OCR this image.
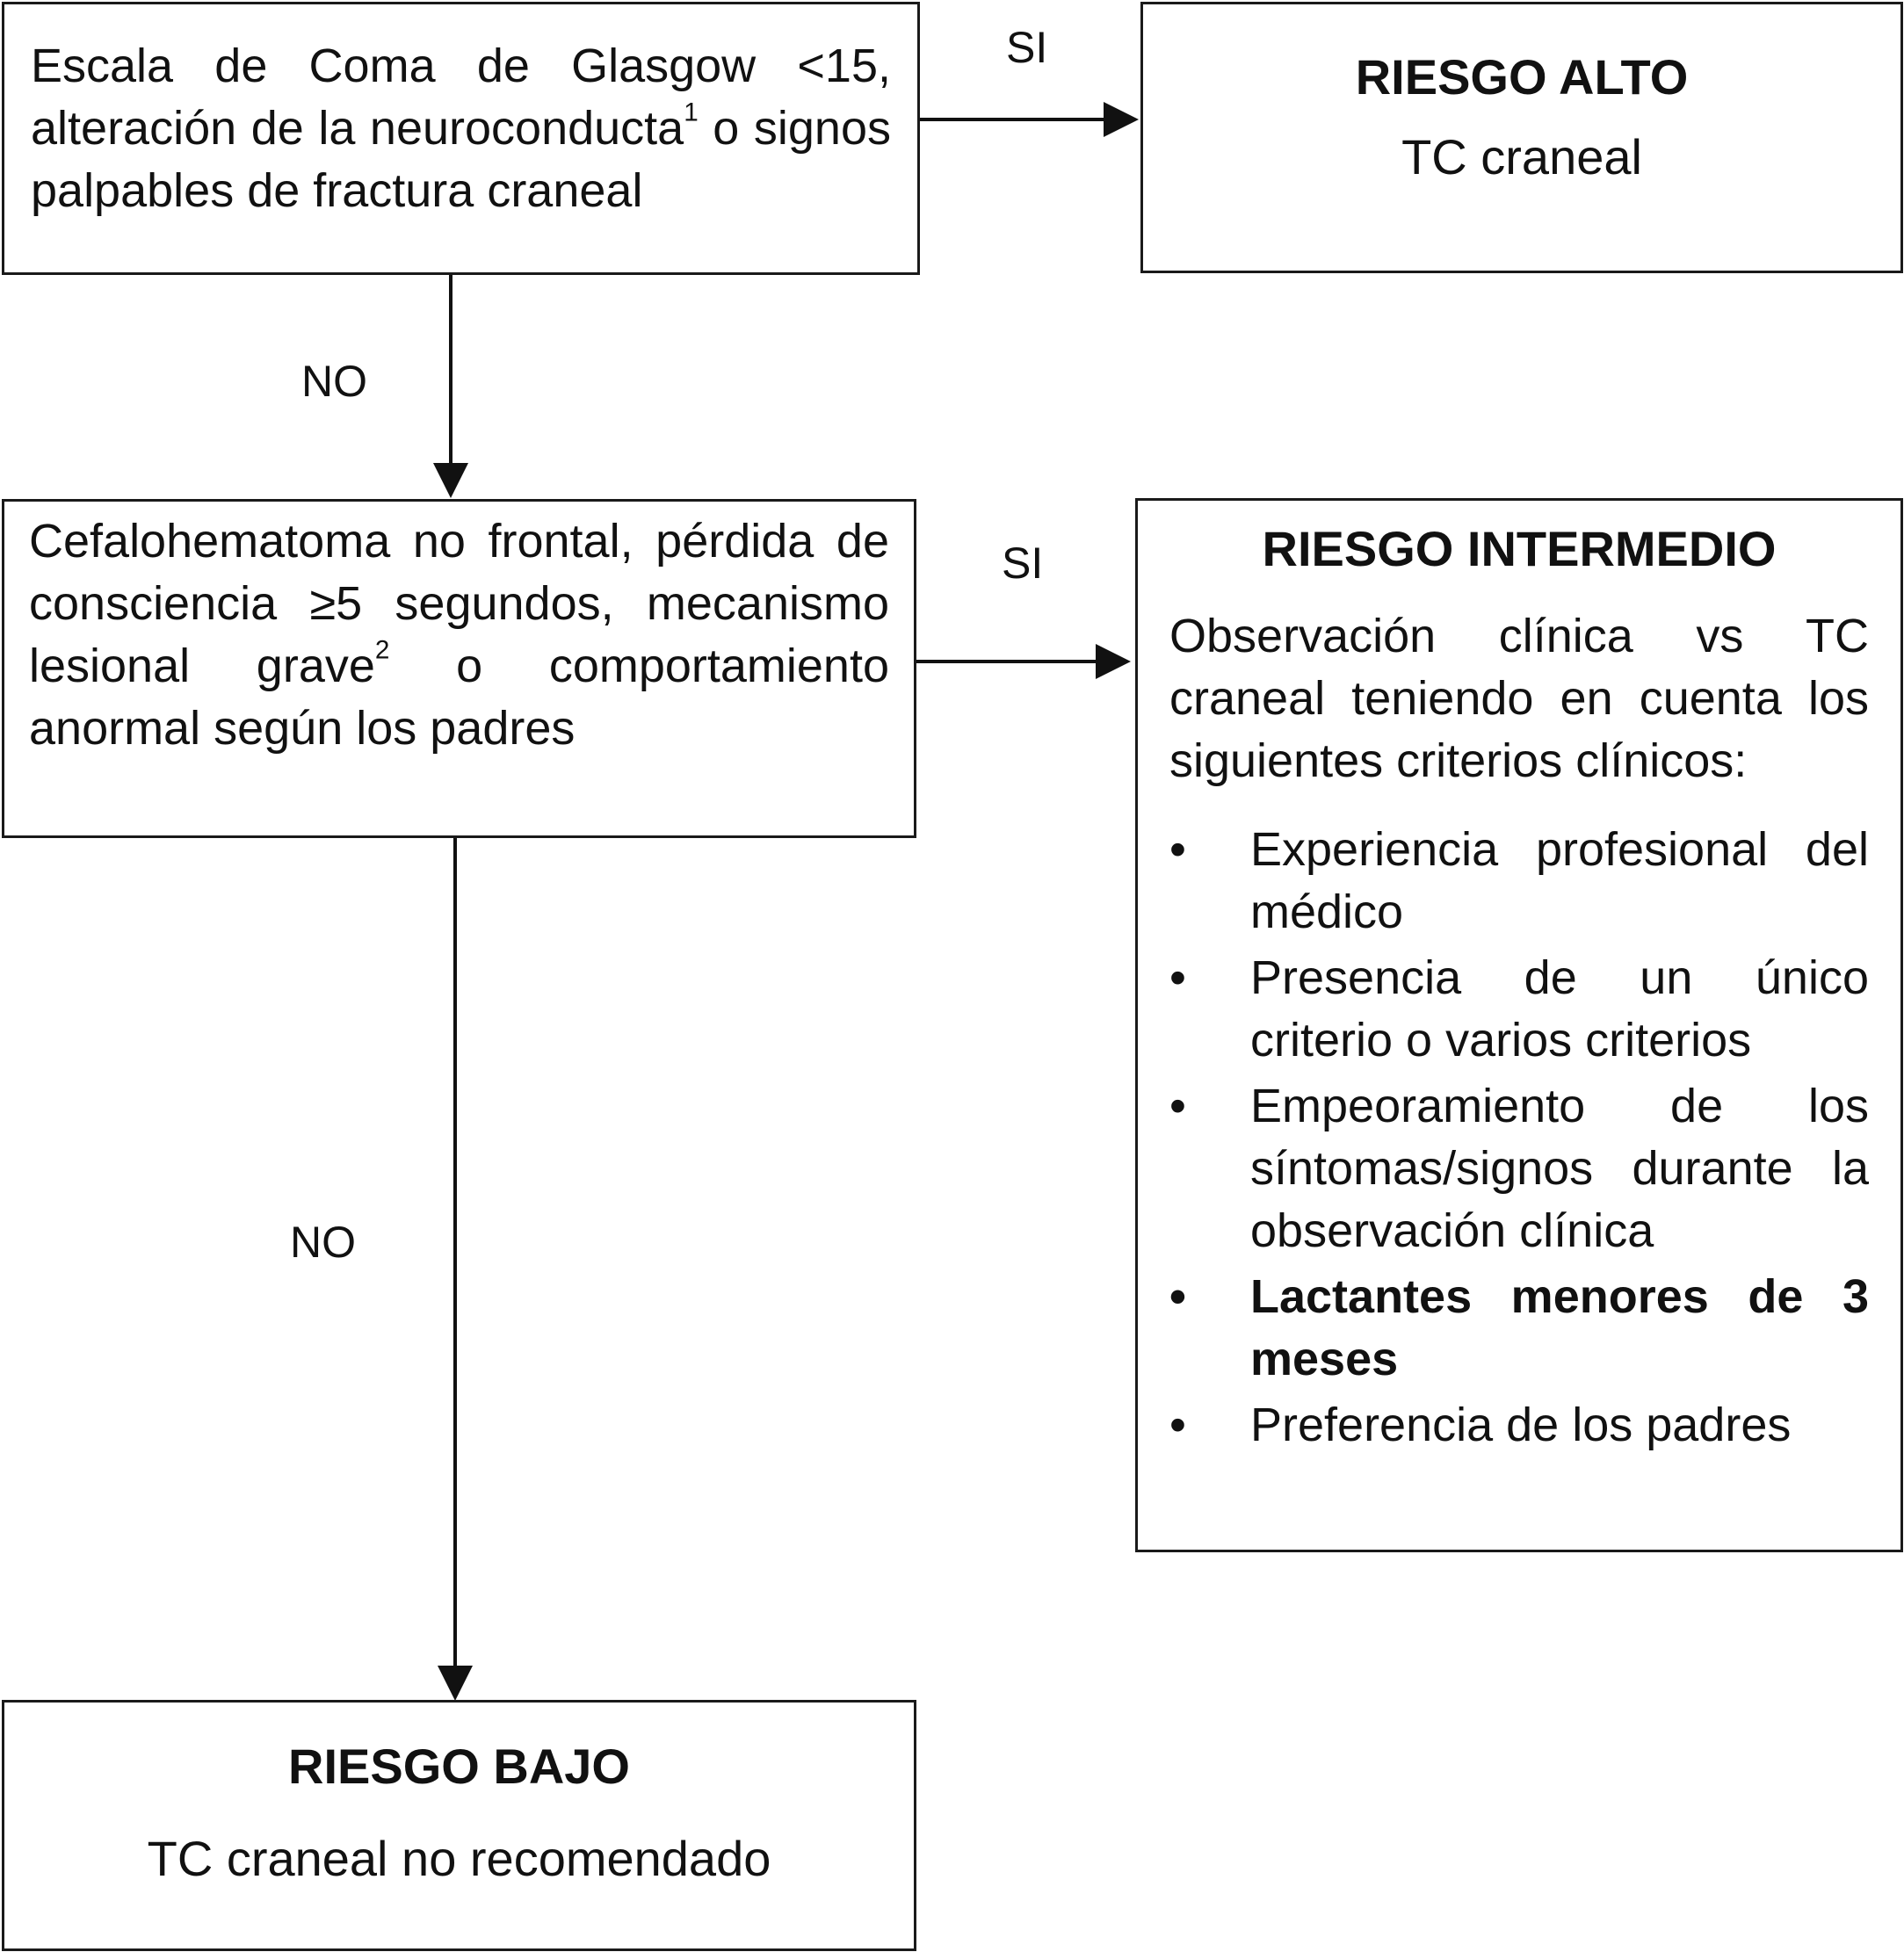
Escala de Coma de Glasgow <15, alteración de la neuroconducta$^1$ o signos palpables de fractura craneal
RIESGO ALTO
TC craneal
SI
NO
SI
NO
Cefalohematoma no frontal, pérdida de consciencia ≥5 segundos, mecanismo lesional grave$^2$ o comportamiento anormal según los padres
RIESGO INTERMEDIO
Observación clínica vs TC craneal teniendo en cuenta los siguientes criterios clínicos:
•	Experiencia profesional del médico
•	Presencia de un único criterio o varios criterios
•	Empeoramiento de los síntomas/signos durante la observación clínica
•	Lactantes menores de 3 meses
•	Preferencia de los padres
RIESGO BAJO
TC craneal no recomendado
